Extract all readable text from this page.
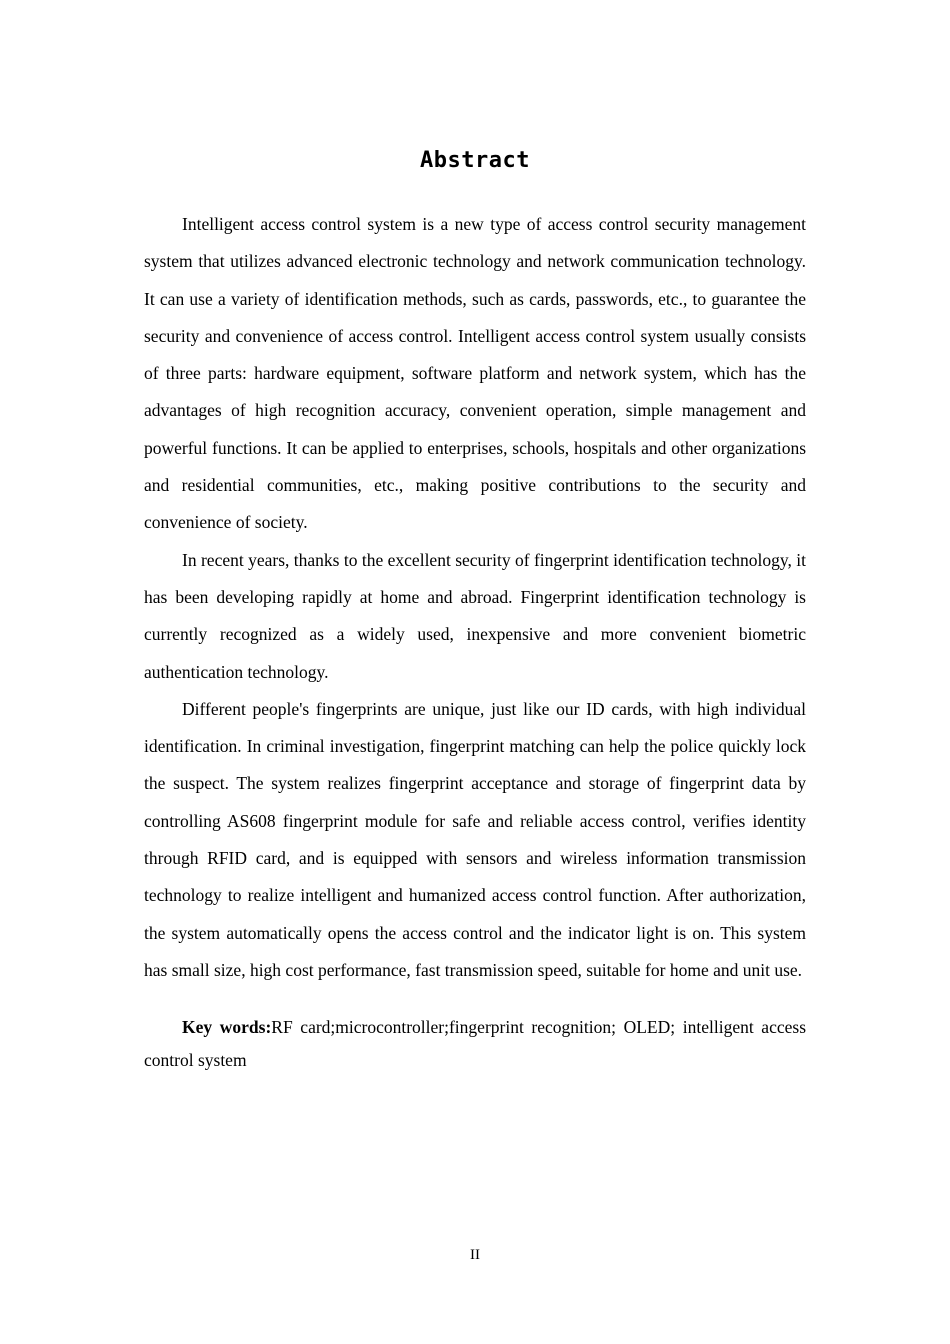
Abstract

Intelligent access control system is a new type of access control security management system that utilizes advanced electronic technology and network communication technology. It can use a variety of identification methods, such as cards, passwords, etc., to guarantee the security and convenience of access control. Intelligent access control system usually consists of three parts: hardware equipment, software platform and network system, which has the advantages of high recognition accuracy, convenient operation, simple management and powerful functions. It can be applied to enterprises, schools, hospitals and other organizations and residential communities, etc., making positive contributions to the security and convenience of society.

In recent years, thanks to the excellent security of fingerprint identification technology, it has been developing rapidly at home and abroad. Fingerprint identification technology is currently recognized as a widely used, inexpensive and more convenient biometric authentication technology.

Different people's fingerprints are unique, just like our ID cards, with high individual identification. In criminal investigation, fingerprint matching can help the police quickly lock the suspect. The system realizes fingerprint acceptance and storage of fingerprint data by controlling AS608 fingerprint module for safe and reliable access control, verifies identity through RFID card, and is equipped with sensors and wireless information transmission technology to realize intelligent and humanized access control function. After authorization, the system automatically opens the access control and the indicator light is on. This system has small size, high cost performance, fast transmission speed, suitable for home and unit use.

Key words:RF card;microcontroller;fingerprint recognition; OLED; intelligent access control system

II
